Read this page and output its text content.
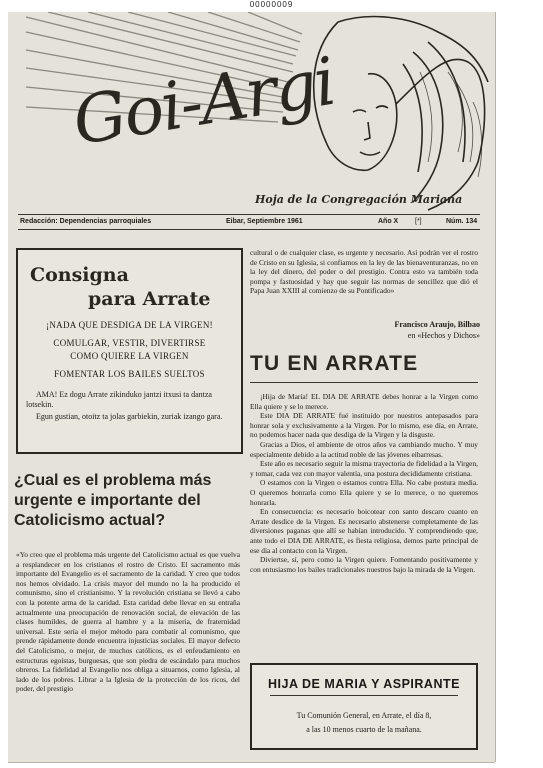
00000009
Goi-Argi
Hoja de la Congregación Mariana
Redacción: Dependencias parroquiales	Eibar, Septiembre 1961	Año X [*]	Núm. 134
Consigna
para Arrate

¡NADA QUE DESDIGA DE LA VIRGEN!

COMULGAR, VESTIR, DIVERTIRSE

COMO QUIERE LA VIRGEN

FOMENTAR LOS BAILES SUELTOS

AMA! Ez dogu Arrate zikinduko jantzi itxusi ta dantza lotsekin.

Egun gustian, otoitz ta jolas garbiekin, zuriak izango gara.

¿Cual es el problema más urgente e importante del Catolicismo actual?

«Yo creo que el problema más urgente del Catolicismo actual es que vuelva a resplandecer en los cristianos el rostro de Cristo. El sacramento más importante del Evangelio es el sacramento de la caridad. Y creo que todos nos hemos olvidado. La crisis mayor del mundo no la ha producido el comunismo, sino el cristianismo. Y la revolución cristiana se llevó a cabo con la potente arma de la caridad. Esta caridad debe llevar en su entraña actualmente una preocupación de renovación social, de elevación de las clases humildes, de guerra al hambre y a la miseria, de fraternidad universal. Este sería el mejor método para combatir al comunismo, que prende rápidamente donde encuentra injusticias sociales. El mayor defecto del Catolicismo, o mejor, de muchos católicos, es el enfeudamiento en estructuras egoístas, burguesas, que son piedra de escándalo para muchos obreros. La fidelidad al Evangelio nos obliga a situarnos, como Iglesia, al lado de los pobres. Librar a la Iglesia de la protección de los ricos, del poder, del prestigio

cultural o de cualquier clase, es urgente y necesario. Así podrán ver el rostro de Cristo en su Iglesia, si confiamos en la ley de las bienaventuranzas, no en la ley del dinero, del poder o del prestigio. Contra esto va también toda pompa y fastuosidad y hay que seguir las normas de sencillez que dió el Papa Juan XXIII al comienzo de su Pontificado»

Francisco Araujo, Bilbao
en «Hechos y Dichos»
TU EN ARRATE
¡Hija de María! EL DIA DE ARRATE debes honrar a la Virgen como Ella quiere y se lo merece.
Este DIA DE ARRATE fué instituído por nuestros antepasados para honrar sola y exclusivamente a la Virgen. Por lo mismo, ese día, en Arrate, no podemos hacer nada que desdiga de la Virgen y la disguste.
Gracias a Dios, el ambiente de otros años va cambiando mucho. Y muy especialmente debido a la actitud noble de las jóvenes eibarresas.
Este año es necesario seguir la misma trayectoria de fidelidad a la Virgen, y tomar, cada vez con mayor valentía, una postura decididamente cristiana.
O estamos con la Virgen o estamos contra Ella. No cabe postura media. O queremos honrarla como Ella quiere y se lo merece, o no queremos honrarla.
En consecuencia: es necesario boicotear con santo descaro cuanto en Arrate desdice de la Virgen. Es necesario abstenerse completamente de las diversiones paganas que allí se habían introducido. Y comprendiendo que, ante todo el DIA DE ARRATE, es fiesta religiosa, demos parte principal de ese día al contacto con la Virgen.
Diviertse, sí, pero como la Virgen quiere. Fomentando positivamente y con entusiasmo los bailes tradicionales nuestros bajo la mirada de la Virgen.
HIJA DE MARIA Y ASPIRANTE

Tu Comunión General, en Arrate, el día 8,

a las 10 menos cuarto de la mañana.
